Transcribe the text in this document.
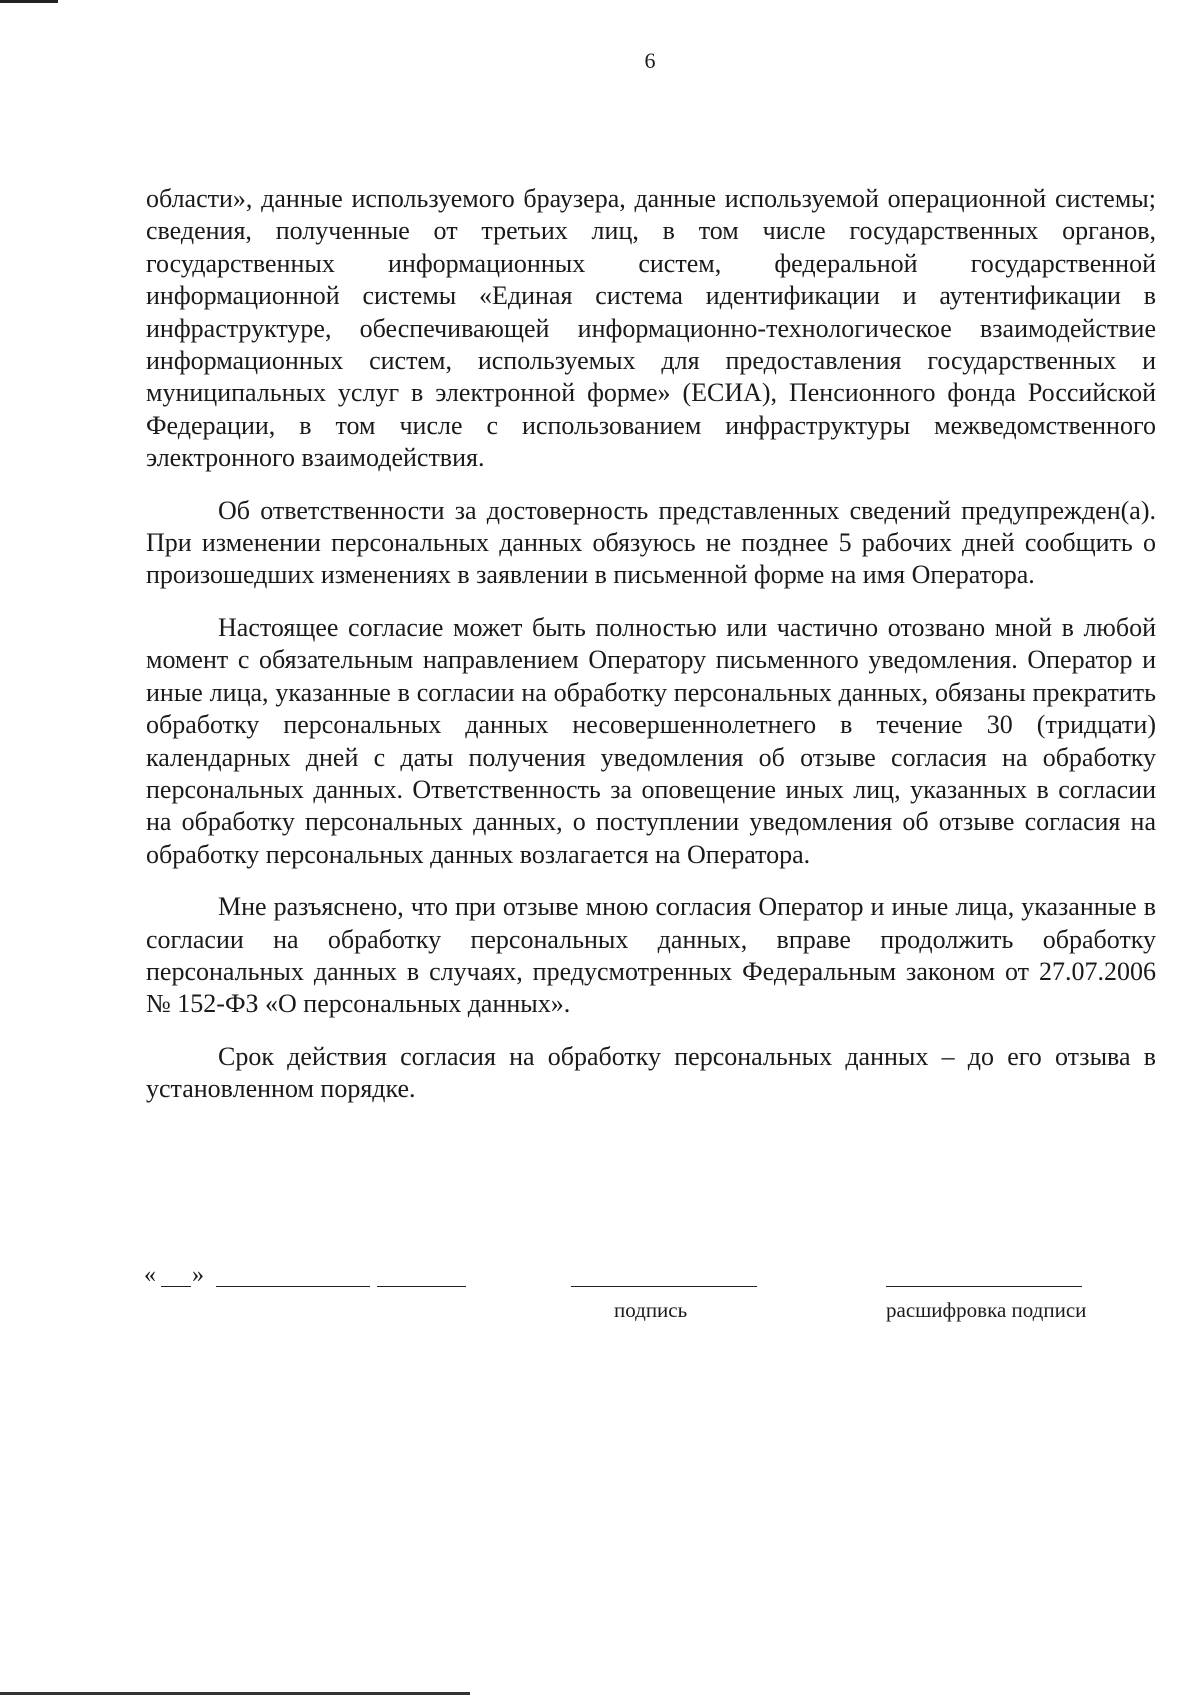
6

области», данные используемого браузера, данные используемой операционной системы; сведения, полученные от третьих лиц, в том числе государственных органов, государственных информационных систем, федеральной государственной информационной системы «Единая система идентификации и аутентификации в инфраструктуре, обеспечивающей информационно-технологическое взаимодействие информационных систем, используемых для предоставления государственных и муниципальных услуг в электронной форме» (ЕСИА), Пенсионного фонда Российской Федерации, в том числе с использованием инфраструктуры межведомственного электронного взаимодействия.

Об ответственности за достоверность представленных сведений предупрежден(а). При изменении персональных данных обязуюсь не позднее 5 рабочих дней сообщить о произошедших изменениях в заявлении в письменной форме на имя Оператора.

Настоящее согласие может быть полностью или частично отозвано мной в любой момент с обязательным направлением Оператору письменного уведомления. Оператор и иные лица, указанные в согласии на обработку персональных данных, обязаны прекратить обработку персональных данных несовершеннолетнего в течение 30 (тридцати) календарных дней с даты получения уведомления об отзыве согласия на обработку персональных данных. Ответственность за оповещение иных лиц, указанных в согласии на обработку персональных данных, о поступлении уведомления об отзыве согласия на обработку персональных данных возлагается на Оператора.

Мне разъяснено, что при отзыве мною согласия Оператор и иные лица, указанные в согласии на обработку персональных данных, вправе продолжить обработку персональных данных в случаях, предусмотренных Федеральным законом от 27.07.2006 № 152-ФЗ «О персональных данных».

Срок действия согласия на обработку персональных данных – до его отзыва в установленном порядке.

« »
подпись	расшифровка подписи
